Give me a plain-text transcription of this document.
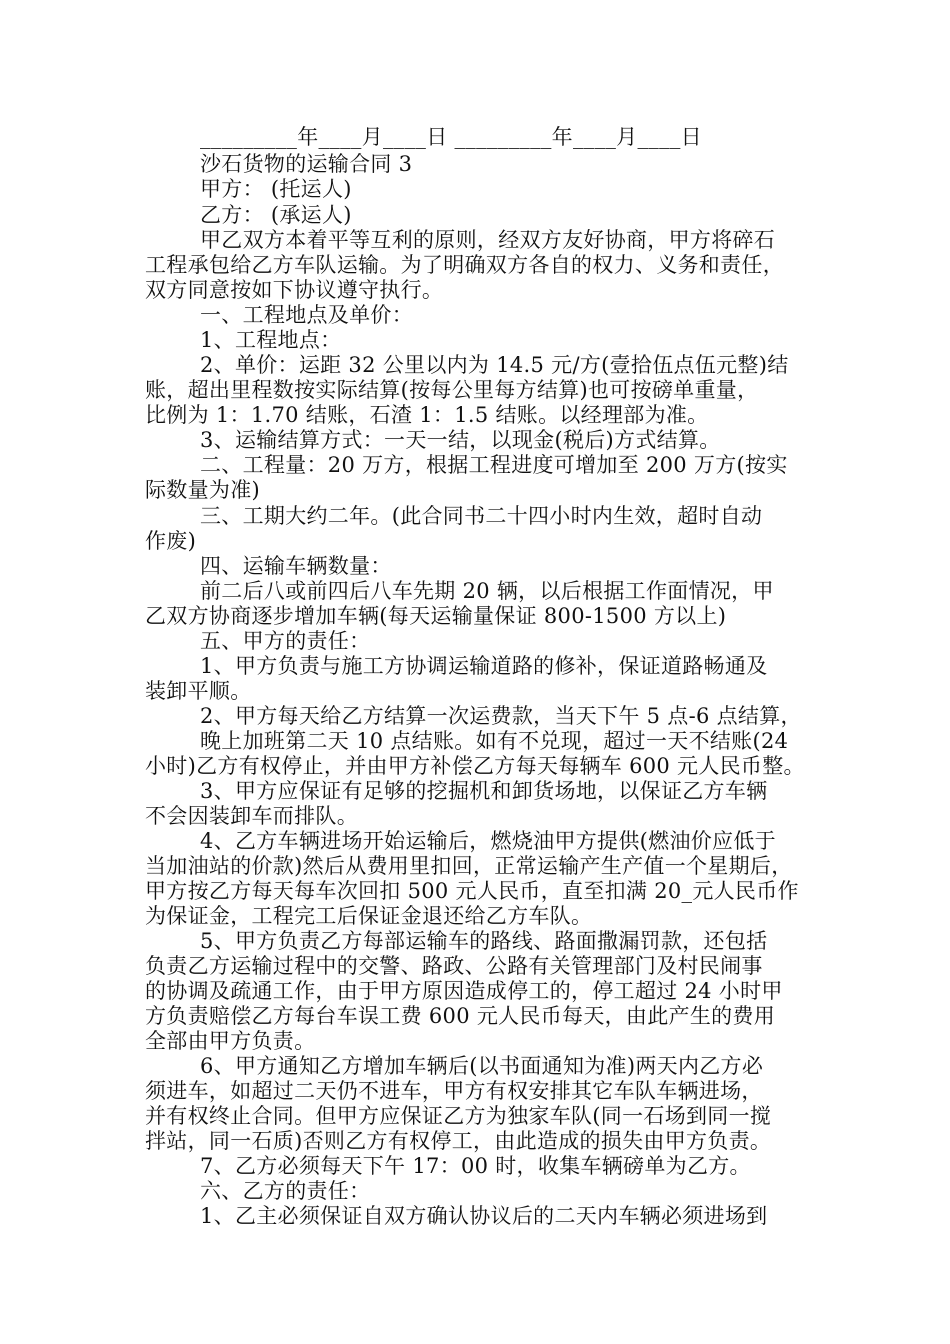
_________年____月____日 _________年____月____日
沙石货物的运输合同 3
甲方： (托运人)
乙方： (承运人)
甲乙双方本着平等互利的原则，经双方友好协商，甲方将碎石
工程承包给乙方车队运输。为了明确双方各自的权力、义务和责任，
双方同意按如下协议遵守执行。
一、工程地点及单价：
1、工程地点：
2、单价：运距 32 公里以内为 14.5 元/方(壹拾伍点伍元整)结
账，超出里程数按实际结算(按每公里每方结算)也可按磅单重量，
比例为 1：1.70 结账，石渣 1：1.5 结账。以经理部为准。
3、运输结算方式：一天一结，以现金(税后)方式结算。
二、工程量：20 万方，根据工程进度可增加至 200 万方(按实
际数量为准)
三、工期大约二年。(此合同书二十四小时内生效，超时自动
作废)
四、运输车辆数量：
前二后八或前四后八车先期 20 辆，以后根据工作面情况，甲
乙双方协商逐步增加车辆(每天运输量保证 800-1500 方以上)
五、甲方的责任：
1、甲方负责与施工方协调运输道路的修补，保证道路畅通及
装卸平顺。
2、甲方每天给乙方结算一次运费款，当天下午 5 点-6 点结算，
晚上加班第二天 10 点结账。如有不兑现，超过一天不结账(24
小时)乙方有权停止，并由甲方补偿乙方每天每辆车 600 元人民币整。
3、甲方应保证有足够的挖掘机和卸货场地，以保证乙方车辆
不会因装卸车而排队。
4、乙方车辆进场开始运输后，燃烧油甲方提供(燃油价应低于
当加油站的价款)然后从费用里扣回，正常运输产生产值一个星期后，
甲方按乙方每天每车次回扣 500 元人民币，直至扣满 20_元人民币作
为保证金，工程完工后保证金退还给乙方车队。
5、甲方负责乙方每部运输车的路线、路面撒漏罚款，还包括
负责乙方运输过程中的交警、路政、公路有关管理部门及村民闹事
的协调及疏通工作，由于甲方原因造成停工的，停工超过 24 小时甲
方负责赔偿乙方每台车误工费 600 元人民币每天，由此产生的费用
全部由甲方负责。
6、甲方通知乙方增加车辆后(以书面通知为准)两天内乙方必
须进车，如超过二天仍不进车，甲方有权安排其它车队车辆进场，
并有权终止合同。但甲方应保证乙方为独家车队(同一石场到同一搅
拌站，同一石质)否则乙方有权停工，由此造成的损失由甲方负责。
7、乙方必须每天下午 17：00 时，收集车辆磅单为乙方。
六、乙方的责任：
1、乙主必须保证自双方确认协议后的二天内车辆必须进场到
